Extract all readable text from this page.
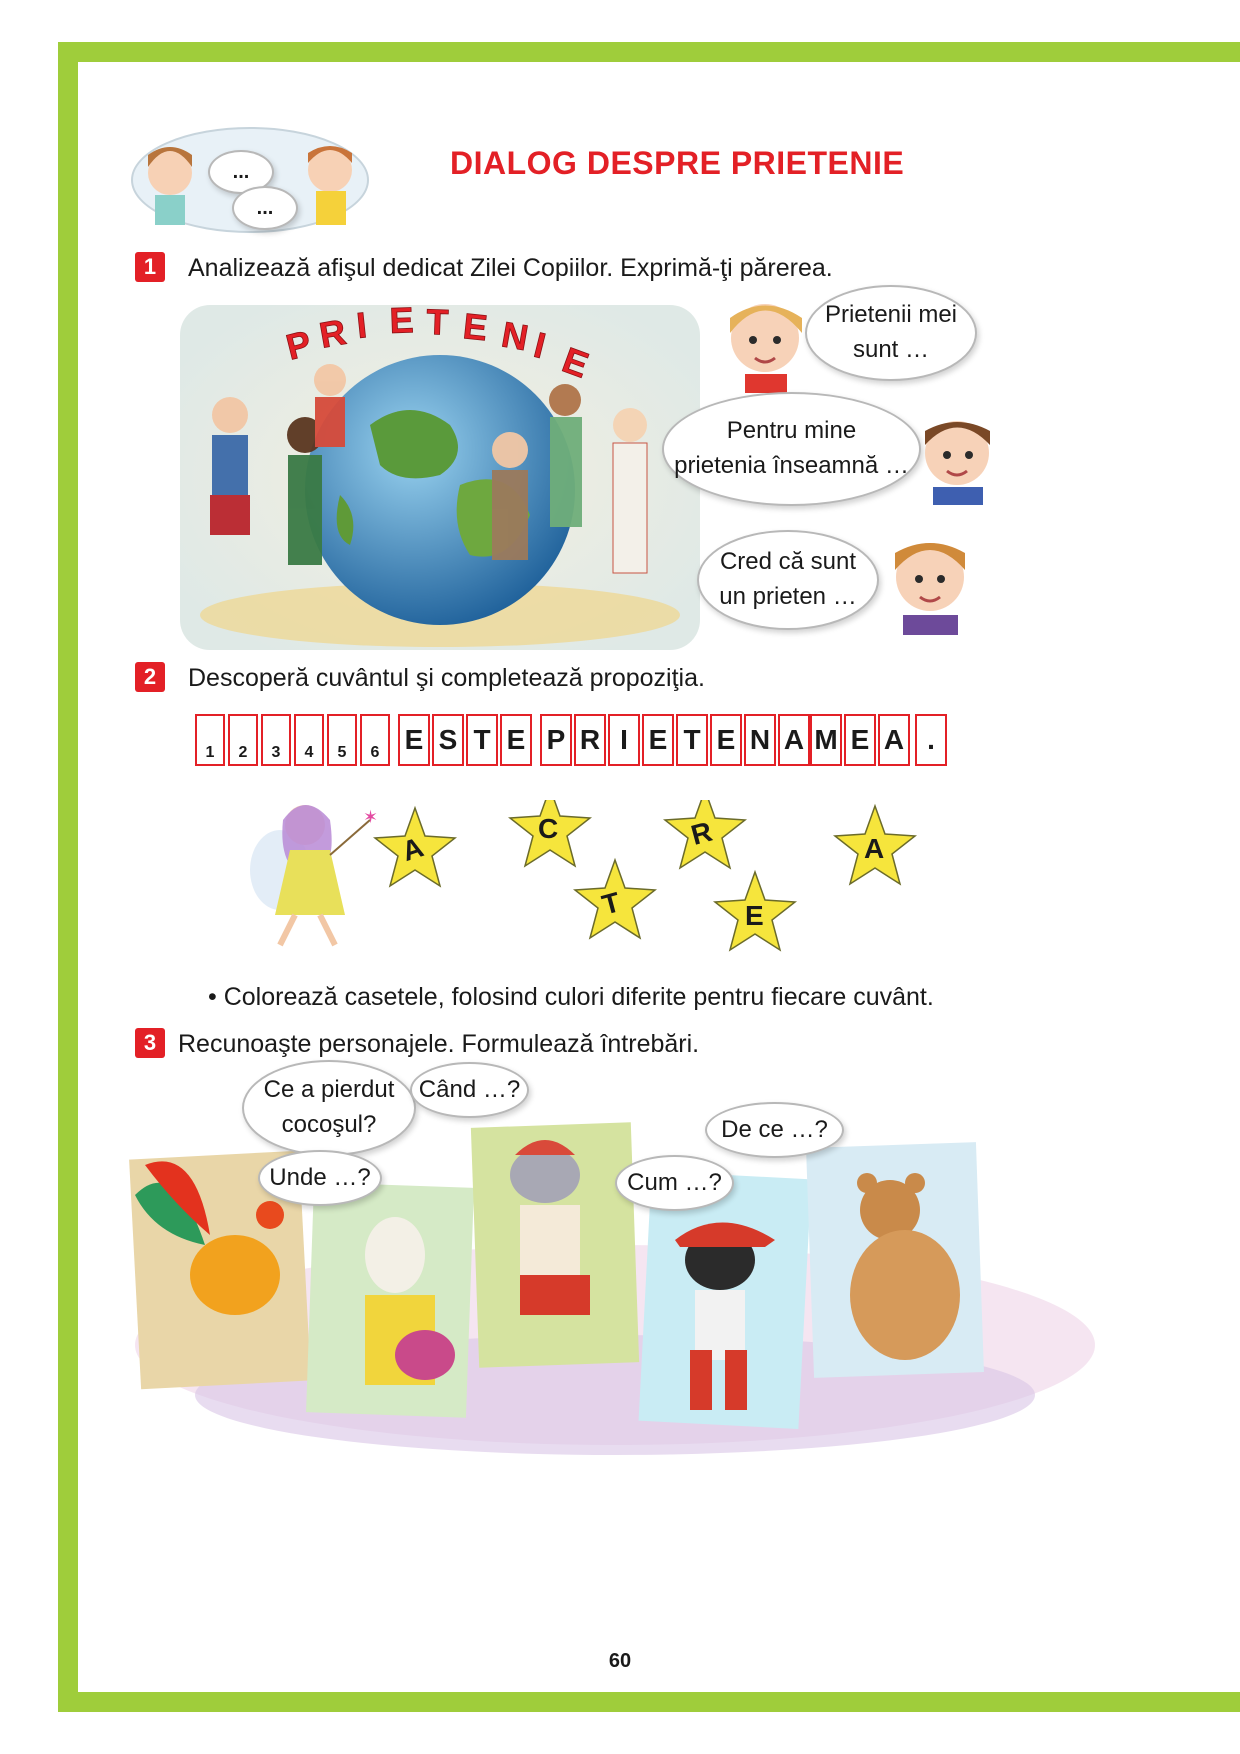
...
...
DIALOG DESPRE PRIETENIE
1	Analizează afişul dedicat Zilei Copiilor. Exprimă-ţi părerea.
P R I E T E N
I E
Prietenii mei
sunt …
Pentru mine
prietenia înseamnă …
Cred că sunt
un prieten …
2	Descoperă cuvântul şi completează propoziţia.
1	2	3	4	5	6 E S T E P R I E T E N A M E A .
✶
A
C	R	A
T	E
• Colorează casetele, folosind culori diferite pentru fiecare cuvânt.
3 Recunoaşte personajele. Formulează întrebări.
Ce a pierdut
cocoşul?
Când …?
Unde …?
De ce …?
Cum …?
60
